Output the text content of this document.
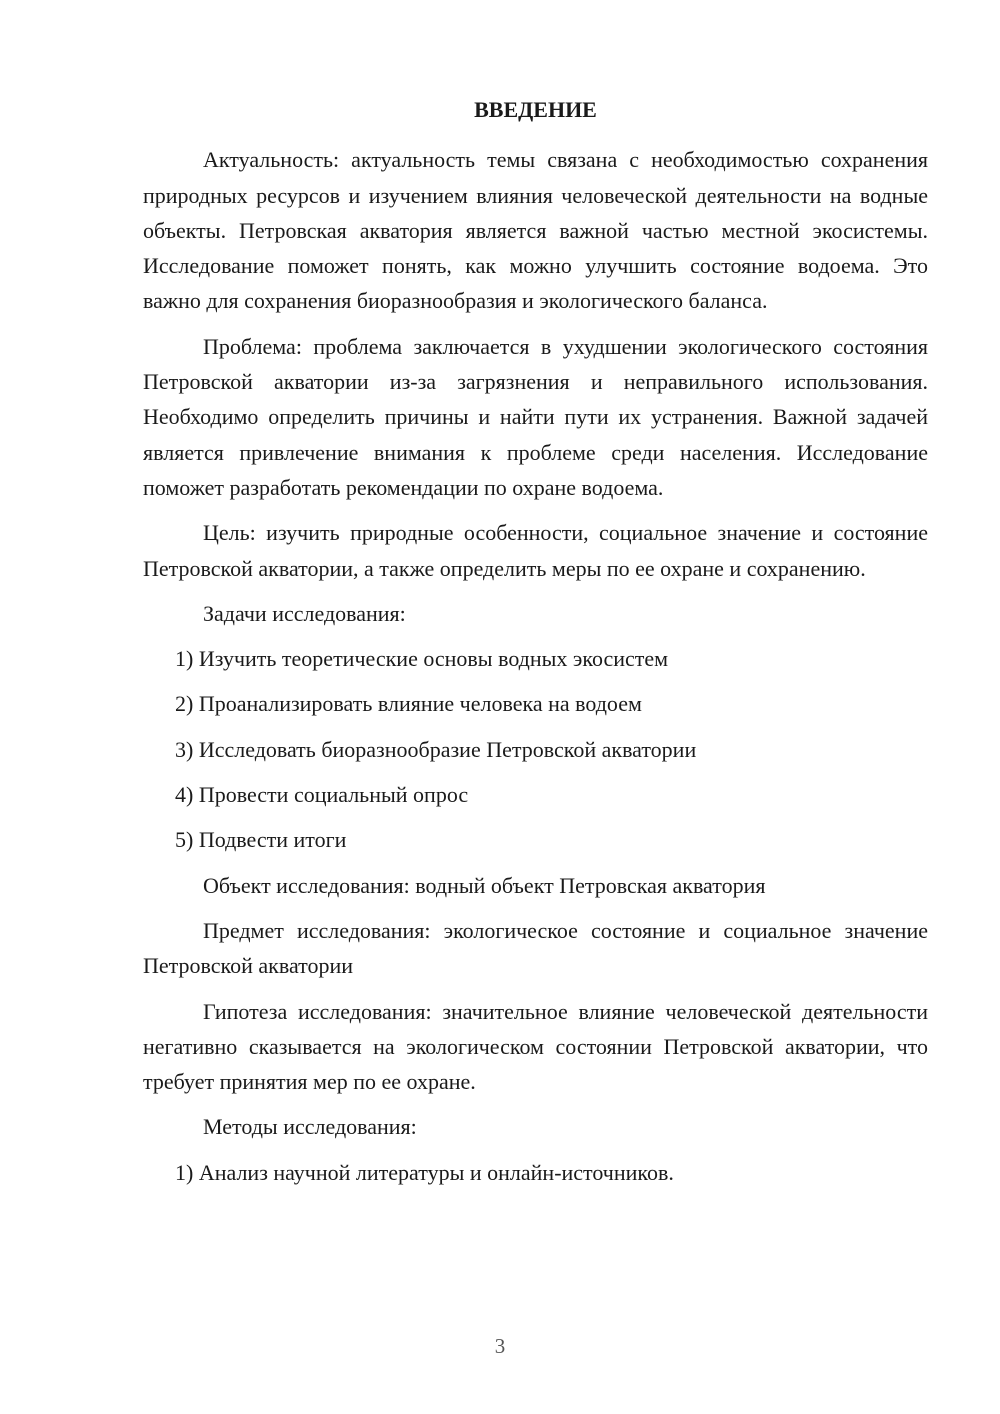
ВВЕДЕНИЕ

Актуальность: актуальность темы связана с необходимостью сохранения природных ресурсов и изучением влияния человеческой деятельности на водные объекты. Петровская акватория является важной частью местной экосистемы. Исследование поможет понять, как можно улучшить состояние водоема. Это важно для сохранения биоразнообразия и экологического баланса.

Проблема: проблема заключается в ухудшении экологического состояния Петровской акватории из-за загрязнения и неправильного использования. Необходимо определить причины и найти пути их устранения. Важной задачей является привлечение внимания к проблеме среди населения. Исследование поможет разработать рекомендации по охране водоема.

Цель: изучить природные особенности, социальное значение и состояние Петровской акватории, а также определить меры по ее охране и сохранению.

Задачи исследования:

1) Изучить теоретические основы водных экосистем

2) Проанализировать влияние человека на водоем

3) Исследовать биоразнообразие Петровской акватории

4) Провести социальный опрос

5) Подвести итоги

Объект исследования: водный объект Петровская акватория

Предмет исследования: экологическое состояние и социальное значение Петровской акватории

Гипотеза исследования: значительное влияние человеческой деятельности негативно сказывается на экологическом состоянии Петровской акватории, что требует принятия мер по ее охране.

Методы исследования:

1) Анализ научной литературы и онлайн-источников.

3
